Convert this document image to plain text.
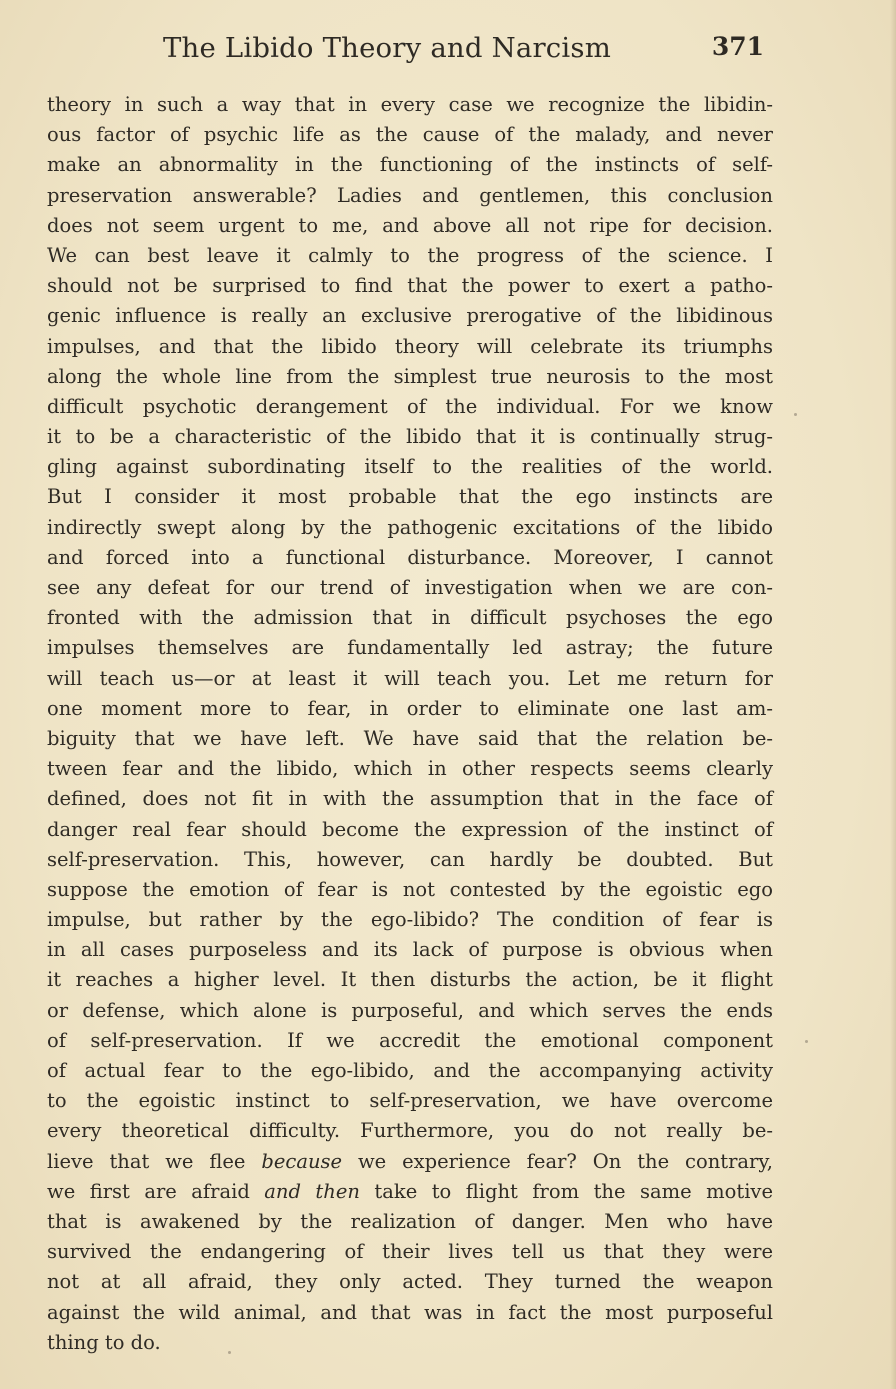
The Libido Theory and Narcism	371
theory in such a way that in every case we recognize the libidin-
ous factor of psychic life as the cause of the malady, and never
make an abnormality in the functioning of the instincts of self-
preservation answerable? Ladies and gentlemen, this conclusion
does not seem urgent to me, and above all not ripe for decision.
We can best leave it calmly to the progress of the science. I
should not be surprised to find that the power to exert a patho-
genic influence is really an exclusive prerogative of the libidinous
impulses, and that the libido theory will celebrate its triumphs
along the whole line from the simplest true neurosis to the most
difficult psychotic derangement of the individual. For we know
it to be a characteristic of the libido that it is continually strug-
gling against subordinating itself to the realities of the world.
But I consider it most probable that the ego instincts are
indirectly swept along by the pathogenic excitations of the libido
and forced into a functional disturbance. Moreover, I cannot
see any defeat for our trend of investigation when we are con-
fronted with the admission that in difficult psychoses the ego
impulses themselves are fundamentally led astray; the future
will teach us—or at least it will teach you. Let me return for
one moment more to fear, in order to eliminate one last am-
biguity that we have left. We have said that the relation be-
tween fear and the libido, which in other respects seems clearly
defined, does not fit in with the assumption that in the face of
danger real fear should become the expression of the instinct of
self-preservation. This, however, can hardly be doubted. But
suppose the emotion of fear is not contested by the egoistic ego
impulse, but rather by the ego-libido? The condition of fear is
in all cases purposeless and its lack of purpose is obvious when
it reaches a higher level. It then disturbs the action, be it flight
or defense, which alone is purposeful, and which serves the ends
of self-preservation. If we accredit the emotional component
of actual fear to the ego-libido, and the accompanying activity
to the egoistic instinct to self-preservation, we have overcome
every theoretical difficulty. Furthermore, you do not really be-
lieve that we flee because we experience fear? On the contrary,
we first are afraid and then take to flight from the same motive
that is awakened by the realization of danger. Men who have
survived the endangering of their lives tell us that they were
not at all afraid, they only acted. They turned the weapon
against the wild animal, and that was in fact the most purposeful
thing to do.
